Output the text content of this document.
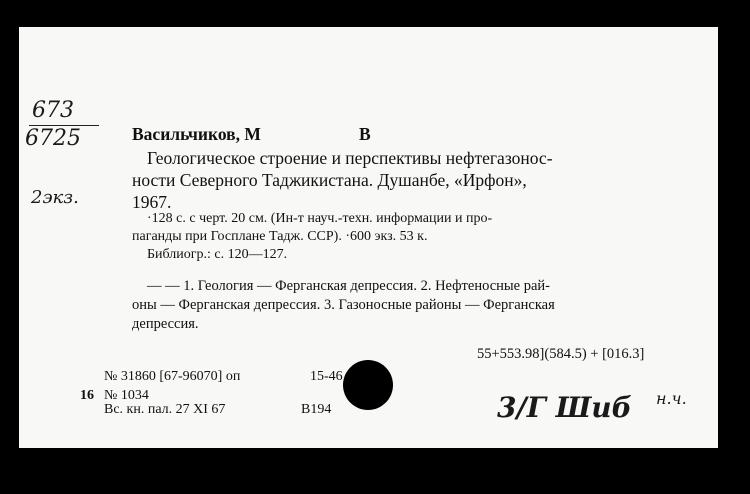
673
6725
2экз.
Васильчиков, М	В
Геологическое строение и перспективы нефтегазонос-
ности Северного Таджикистана. Душанбе, «Ирфон»,
1967.
·128 с. с черт. 20 см. (Ин-т науч.-техн. информации и про-
паганды при Госплане Тадж. ССР). ·600 экз. 53 к.
Библиогр.: с. 120—127.
— — 1. Геология — Ферганская депрессия. 2. Нефтеносные рай-
оны — Ферганская депрессия. 3. Газоносные районы — Ферганская
депрессия.
55+553.98](584.5) + [016.3]
№ 31860 [67-96070] оп	15-46
16 № 1034
Вс. кн. пал. 27 XI 67	В194	3/Г Шиб н.ч.
